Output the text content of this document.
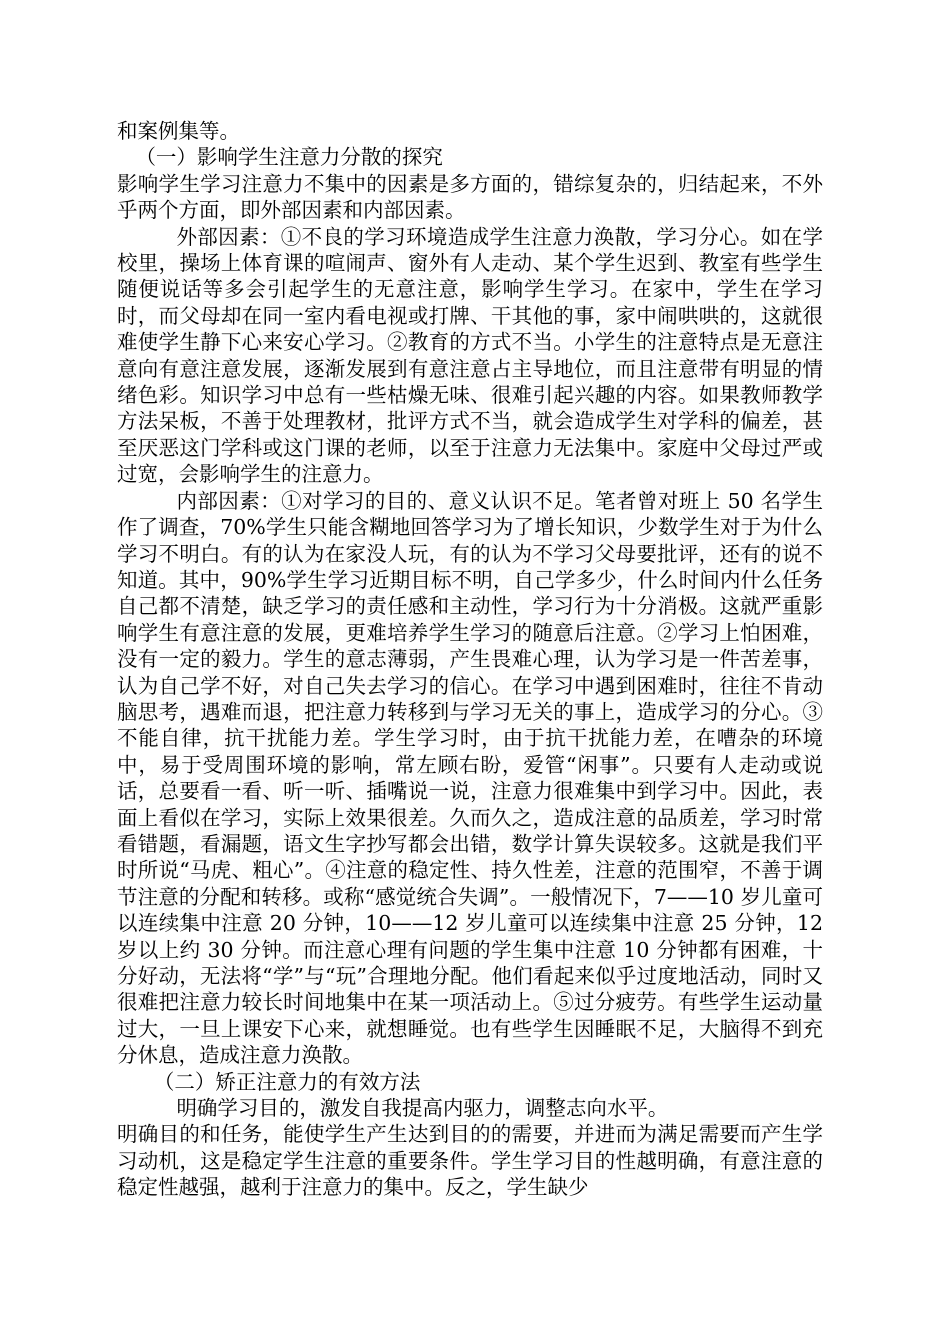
和案例集等。

（一）影响学生注意力分散的探究

影响学生学习注意力不集中的因素是多方面的，错综复杂的，归结起来，不外乎两个方面，即外部因素和内部因素。

外部因素：①不良的学习环境造成学生注意力涣散，学习分心。如在学校里，操场上体育课的喧闹声、窗外有人走动、某个学生迟到、教室有些学生随便说话等多会引起学生的无意注意，影响学生学习。在家中，学生在学习时，而父母却在同一室内看电视或打牌、干其他的事，家中闹哄哄的，这就很难使学生静下心来安心学习。②教育的方式不当。小学生的注意特点是无意注意向有意注意发展，逐渐发展到有意注意占主导地位，而且注意带有明显的情绪色彩。知识学习中总有一些枯燥无味、很难引起兴趣的内容。如果教师教学方法呆板，不善于处理教材，批评方式不当，就会造成学生对学科的偏差，甚至厌恶这门学科或这门课的老师，以至于注意力无法集中。家庭中父母过严或过宽，会影响学生的注意力。

内部因素：①对学习的目的、意义认识不足。笔者曾对班上 50 名学生作了调查，70%学生只能含糊地回答学习为了增长知识，少数学生对于为什么学习不明白。有的认为在家没人玩，有的认为不学习父母要批评，还有的说不知道。其中，90%学生学习近期目标不明，自己学多少，什么时间内什么任务自己都不清楚，缺乏学习的责任感和主动性，学习行为十分消极。这就严重影响学生有意注意的发展，更难培养学生学习的随意后注意。②学习上怕困难，没有一定的毅力。学生的意志薄弱，产生畏难心理，认为学习是一件苦差事，认为自己学不好，对自己失去学习的信心。在学习中遇到困难时，往往不肯动脑思考，遇难而退，把注意力转移到与学习无关的事上，造成学习的分心。③不能自律，抗干扰能力差。学生学习时，由于抗干扰能力差，在嘈杂的环境中，易于受周围环境的影响，常左顾右盼，爱管“闲事”。只要有人走动或说话，总要看一看、听一听、插嘴说一说，注意力很难集中到学习中。因此，表面上看似在学习，实际上效果很差。久而久之，造成注意的品质差，学习时常看错题，看漏题，语文生字抄写都会出错，数学计算失误较多。这就是我们平时所说“马虎、粗心”。④注意的稳定性、持久性差，注意的范围窄，不善于调节注意的分配和转移。或称“感觉统合失调”。一般情况下，7——10 岁儿童可以连续集中注意 20 分钟，10——12 岁儿童可以连续集中注意 25 分钟，12 岁以上约 30 分钟。而注意心理有问题的学生集中注意 10 分钟都有困难，十分好动，无法将“学”与“玩”合理地分配。他们看起来似乎过度地活动，同时又很难把注意力较长时间地集中在某一项活动上。⑤过分疲劳。有些学生运动量过大，一旦上课安下心来，就想睡觉。也有些学生因睡眠不足，大脑得不到充分休息，造成注意力涣散。

（二）矫正注意力的有效方法

明确学习目的，激发自我提高内驱力，调整志向水平。

明确目的和任务，能使学生产生达到目的的需要，并进而为满足需要而产生学习动机，这是稳定学生注意的重要条件。学生学习目的性越明确，有意注意的稳定性越强，越利于注意力的集中。反之，学生缺少
